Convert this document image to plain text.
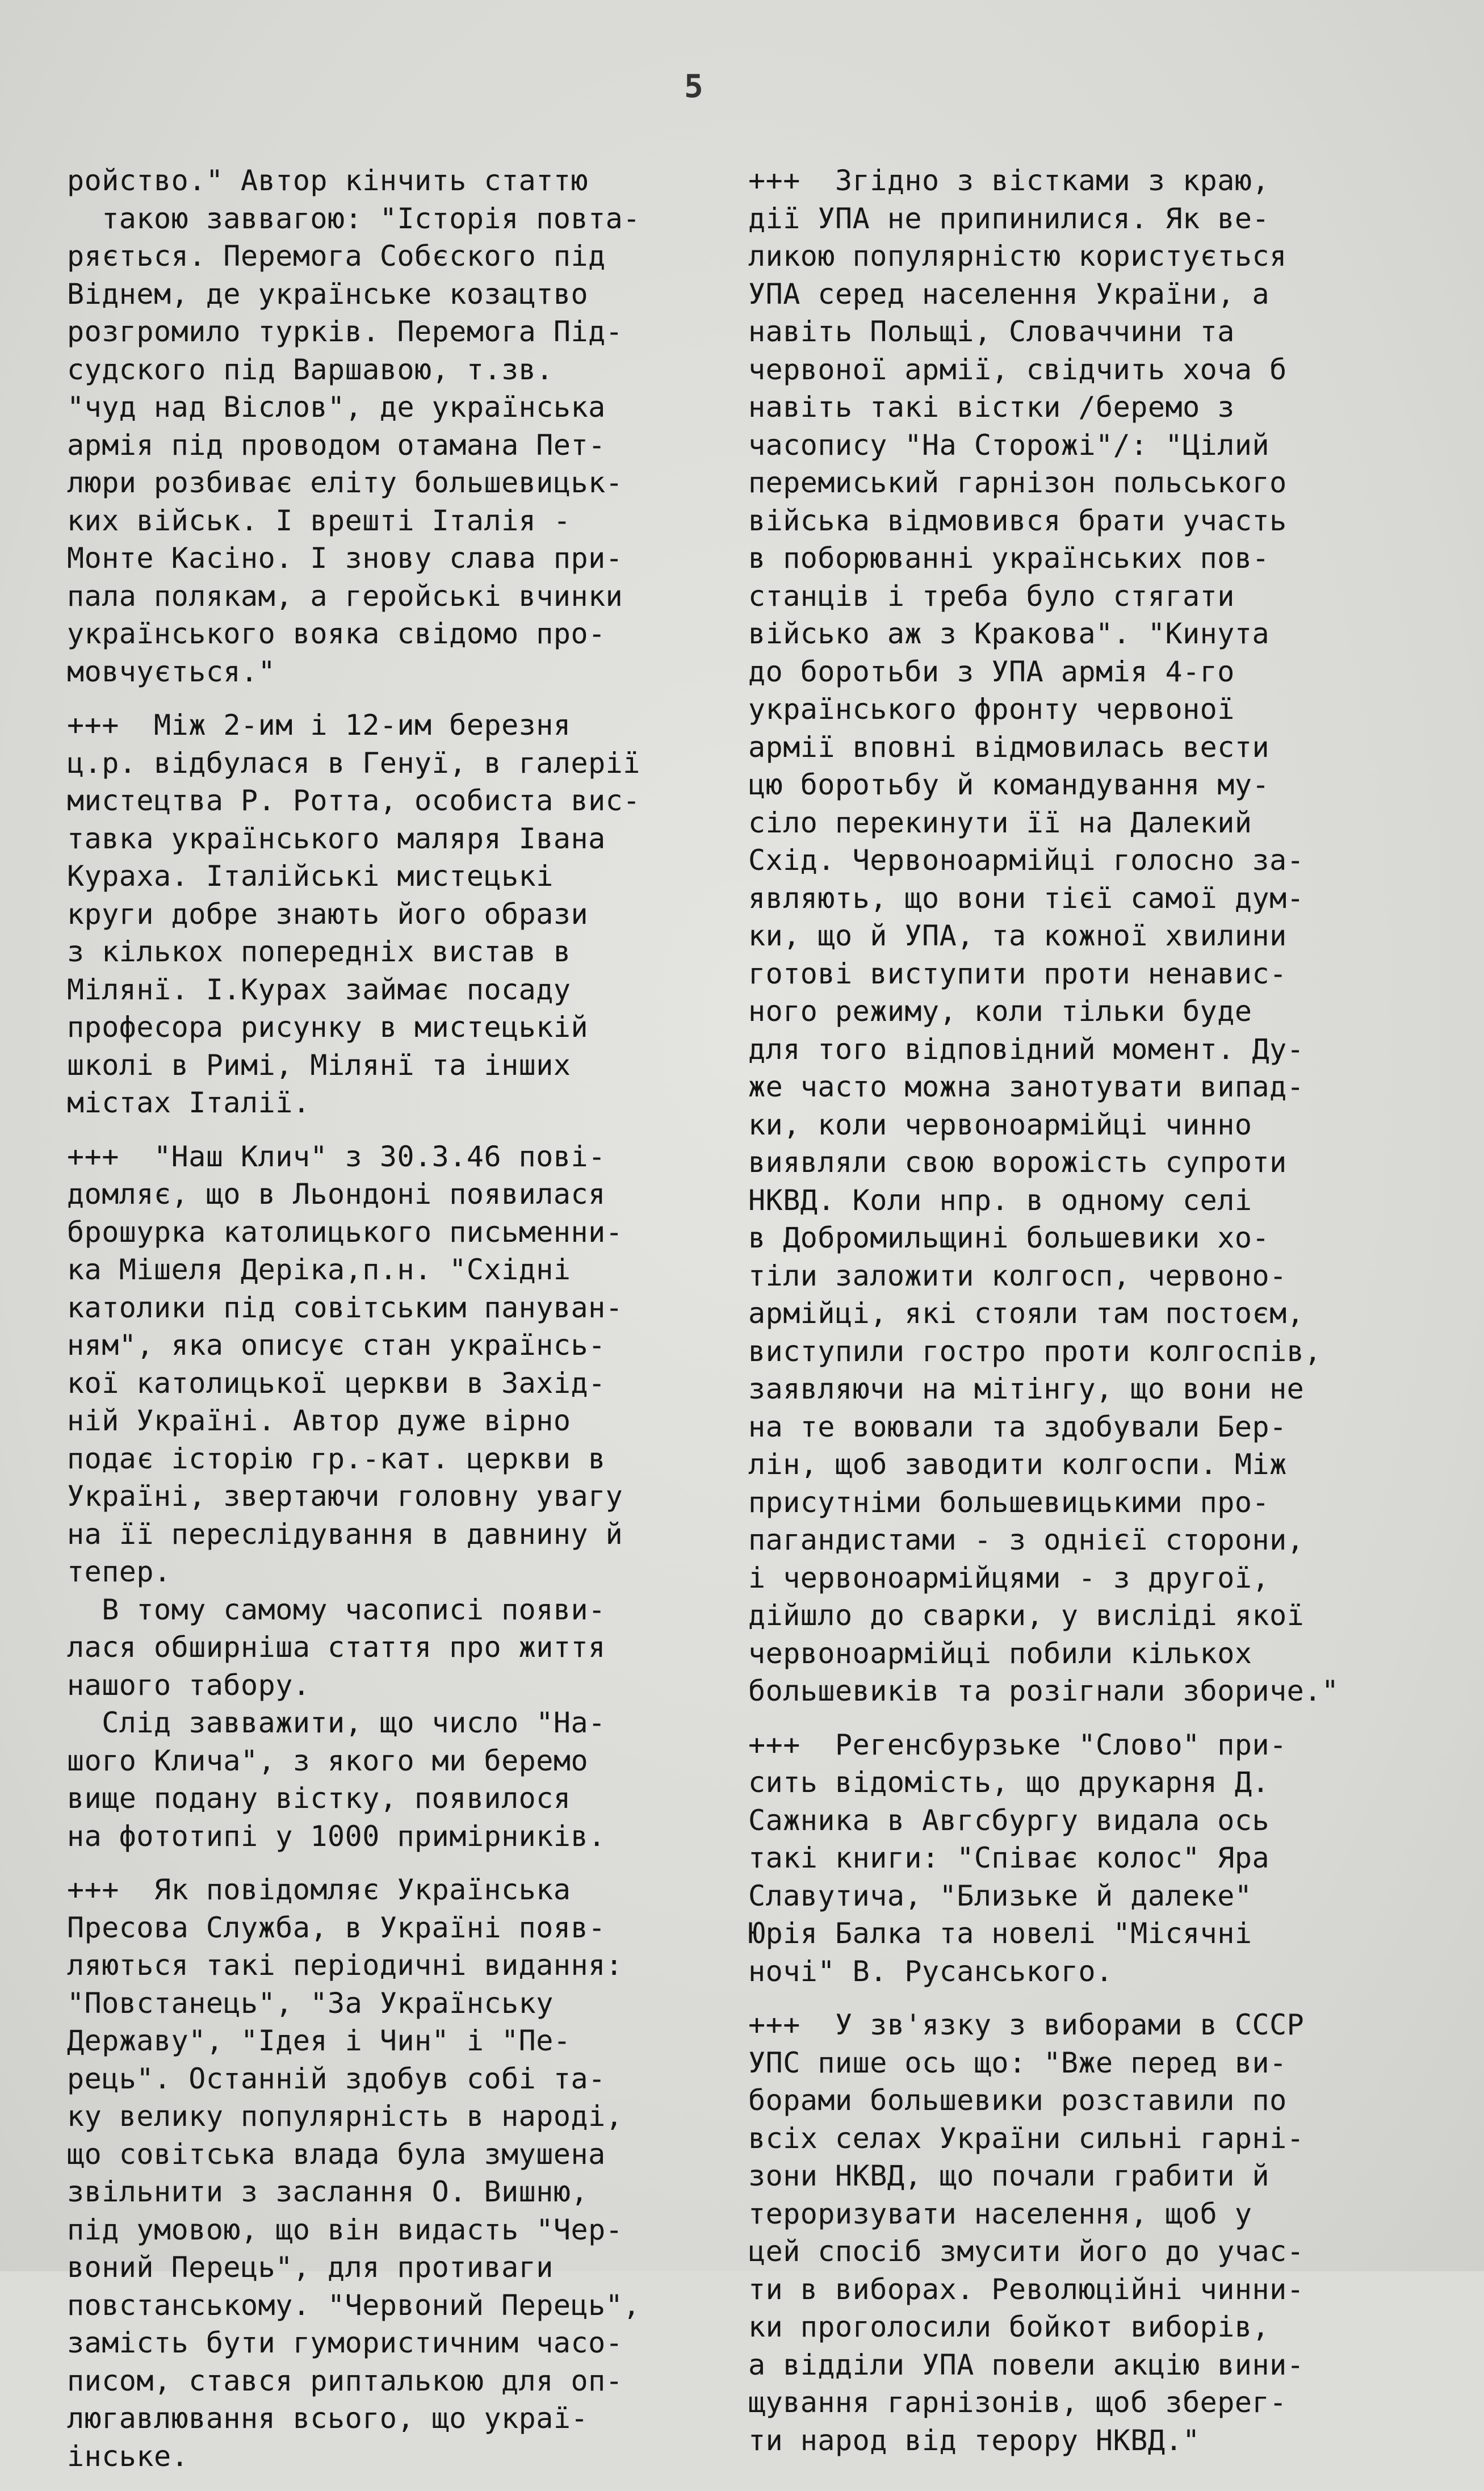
5
ройство." Автор кінчить статтю
такою заввагою: "Історія повта-
ряється. Перемога Собєского під
Віднем, де українське козацтво
розгромило турків. Перемога Під-
судского під Варшавою, т.зв.
"чуд над Віслов", де українська
армія під проводом отамана Пет-
люри розбиває еліту большевицьк-
ких військ. І врешті Італія -
Монте Касіно. І знову слава при-
пала полякам, а геройські вчинки
українського вояка свідомо про-
мовчується."
+++  Між 2-им і 12-им березня
ц.р. відбулася в Генуї, в галерії
мистецтва Р. Ротта, особиста вис-
тавка українського маляря Івана
Кураха. Італійські мистецькі
круги добре знають його образи
з кількох попередніх вистав в
Мілянї. І.Курах займає посаду
професора рисунку в мистецькій
школі в Римі, Мілянї та інших
містах Італії.
+++  "Наш Клич" з 30.3.46 пові-
домляє, що в Льондоні появилася
брошурка католицького письменни-
ка Мішеля Деріка,п.н. "Східні
католики під совітським пануван-
ням", яка описує стан українсь-
кої католицької церкви в Захід-
ній Україні. Автор дуже вірно
подає історію гр.-кат. церкви в
Україні, звертаючи головну увагу
на її переслідування в давнину й
тепер.
В тому самому часописі появи-
лася обширніша стаття про життя
нашого табору.
Слід завважити, що число "На-
шого Клича", з якого ми беремо
вище подану вістку, появилося
на фототипі у 1000 примірників.
+++  Як повідомляє Українська
Пресова Служба, в Україні появ-
ляються такі періодичні видання:
"Повстанець", "За Українську
Державу", "Ідея і Чин" і "Пе-
рець". Останній здобув собі та-
ку велику популярність в народі,
що совітська влада була змушена
звільнити з заслання О. Вишню,
під умовою, що він видасть "Чер-
воний Перець", для противаги
повстанському. "Червоний Перець",
замість бути гумористичним часо-
писом, стався рипталькою для оп-
люгавлювання всього, що украї-
інське.
+++  Згідно з вістками з краю,
дії УПА не припинилися. Як ве-
ликою популярністю користується
УПА серед населення України, а
навіть Польщі, Словаччини та
червоної армії, свідчить хоча б
навіть такі вістки /беремо з
часопису "На Сторожі"/: "Цілий
перемиський гарнізон польського
війська відмовився брати участь
в поборюванні українських пов-
станців і треба було стягати
військо аж з Кракова". "Кинута
до боротьби з УПА армія 4-го
українського фронту червоної
армії вповні відмовилась вести
цю боротьбу й командування му-
сіло перекинути її на Далекий
Схід. Червоноармійці голосно за-
являють, що вони тієї самої дум-
ки, що й УПА, та кожної хвилини
готові виступити проти ненавис-
ного режиму, коли тільки буде
для того відповідний момент. Ду-
же часто можна занотувати випад-
ки, коли червоноармійці чинно
виявляли свою ворожість супроти
НКВД. Коли нпр. в одному селі
в Добромильщині большевики хо-
тіли заложити колгосп, червоно-
армійці, які стояли там постоєм,
виступили гостро проти колгоспів,
заявляючи на мітінгу, що вони не
на те воювали та здобували Бер-
лін, щоб заводити колгоспи. Між
присутніми большевицькими про-
пагандистами - з однієї сторони,
і червоноармійцями - з другої,
дійшло до сварки, у висліді якої
червоноармійці побили кількох
большевиків та розігнали збориче."
+++  Регенсбурзьке "Слово" при-
сить відомість, що друкарня Д.
Сажника в Авгсбургу видала ось
такі книги: "Співає колос" Яра
Славутича, "Близьке й далеке"
Юрія Балка та новелі "Місячні
ночі" В. Русанського.
+++  У зв'язку з виборами в СССР
УПС пише ось що: "Вже перед ви-
борами большевики розставили по
всіх селах України сильні гарні-
зони НКВД, що почали грабити й
тероризувати населення, щоб у
цей спосіб змусити його до учас-
ти в виборах. Революційні чинни-
ки проголосили бойкот виборів,
а відділи УПА повели акцію вини-
щування гарнізонів, щоб зберег-
ти народ від терору НКВД."
